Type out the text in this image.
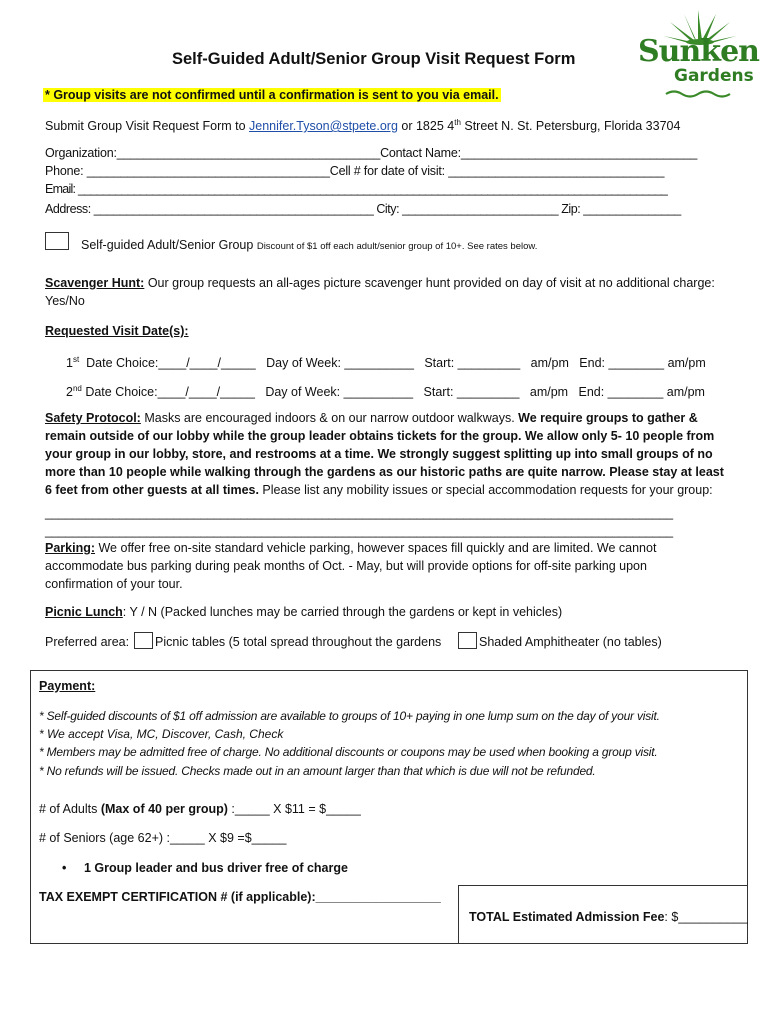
Self-Guided Adult/Senior Group Visit Request Form Sunken
Gardens
* Group visits are not confirmed until a confirmation is sent to you via email.
Submit Group Visit Request Form to Jennifer.Tyson@stpete.org or 1825 4th Street N. St. Petersburg, Florida 33704
Organization:_______________________________________Contact Name:___________________________________
Phone: ____________________________________Cell # for date of visit: ________________________________
Email: _______________________________________________________________________________________________
Address: ___________________________________________ City: ________________________ Zip: _______________
Self-guided Adult/Senior Group Discount of $1 off each adult/senior group of 10+. See rates below.
Scavenger Hunt: Our group requests an all-ages picture scavenger hunt provided on day of visit at no additional charge:
Yes/No
Requested Visit Date(s):
1st  Date Choice:____/____/_____   Day of Week: __________   Start: _________   am/pm   End: ________ am/pm
2nd Date Choice:____/____/_____   Day of Week: __________   Start: _________   am/pm   End: ________ am/pm
Safety Protocol: Masks are encouraged indoors & on our narrow outdoor walkways. We require groups to gather & remain outside of our lobby while the group leader obtains tickets for the group. We allow only 5- 10 people from your group in our lobby, store, and restrooms at a time. We strongly suggest splitting up into small groups of no more than 10 people while walking through the gardens as our historic paths are quite narrow. Please stay at least 6 feet from other guests at all times. Please list any mobility issues or special accommodation requests for your group:
_____________________________________________________________________________________________
_____________________________________________________________________________________________
Parking: We offer free on-site standard vehicle parking, however spaces fill quickly and are limited. We cannot accommodate bus parking during peak months of Oct. - May, but will provide options for off-site parking upon confirmation of your tour.
Picnic Lunch: Y / N (Packed lunches may be carried through the gardens or kept in vehicles)
Preferred area: Picnic tables (5 total spread throughout the gardens	Shaded Amphitheater (no tables)
Payment:
* Self-guided discounts of $1 off admission are available to groups of 10+ paying in one lump sum on the day of your visit.
* We accept Visa, MC, Discover, Cash, Check
* Members may be admitted free of charge. No additional discounts or coupons may be used when booking a group visit.
* No refunds will be issued. Checks made out in an amount larger than that which is due will not be refunded.
# of Adults (Max of 40 per group) :_____ X $11 = $_____
# of Seniors (age 62+) :_____ X $9 =$_____
• 1 Group leader and bus driver free of charge
TAX EXEMPT CERTIFICATION # (if applicable):__________________
TOTAL Estimated Admission Fee: $__________
